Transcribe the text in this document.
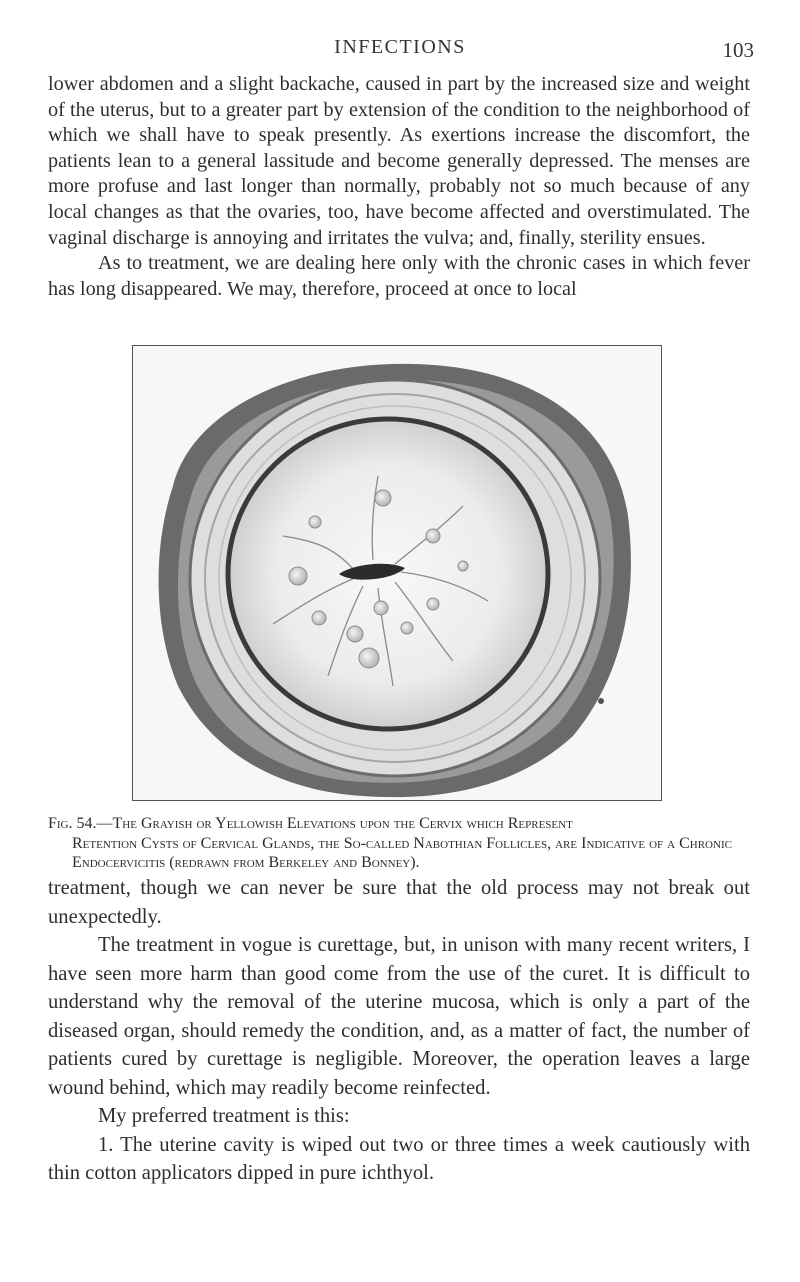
INFECTIONS	103

lower abdomen and a slight backache, caused in part by the increased size and weight of the uterus, but to a greater part by extension of the condition to the neighborhood of which we shall have to speak presently. As exertions increase the discomfort, the patients lean to a general lassitude and become generally depressed. The menses are more profuse and last longer than normally, probably not so much because of any local changes as that the ovaries, too, have become affected and overstimulated. The vaginal discharge is annoying and irritates the vulva; and, finally, sterility ensues.

As to treatment, we are dealing here only with the chronic cases in which fever has long disappeared. We may, therefore, proceed at once to local

Fig. 54.—The Grayish or Yellowish Elevations upon the Cervix which Represent
Retention Cysts of Cervical Glands, the So-called Nabothian Follicles, are Indicative of a Chronic Endocervicitis (redrawn from Berkeley and Bonney).

treatment, though we can never be sure that the old process may not break out unexpectedly.

The treatment in vogue is curettage, but, in unison with many recent writers, I have seen more harm than good come from the use of the curet. It is difficult to understand why the removal of the uterine mucosa, which is only a part of the diseased organ, should remedy the condition, and, as a matter of fact, the number of patients cured by curettage is negligible. Moreover, the operation leaves a large wound behind, which may readily become reinfected.

My preferred treatment is this:

1. The uterine cavity is wiped out two or three times a week cautiously with thin cotton applicators dipped in pure ichthyol.
